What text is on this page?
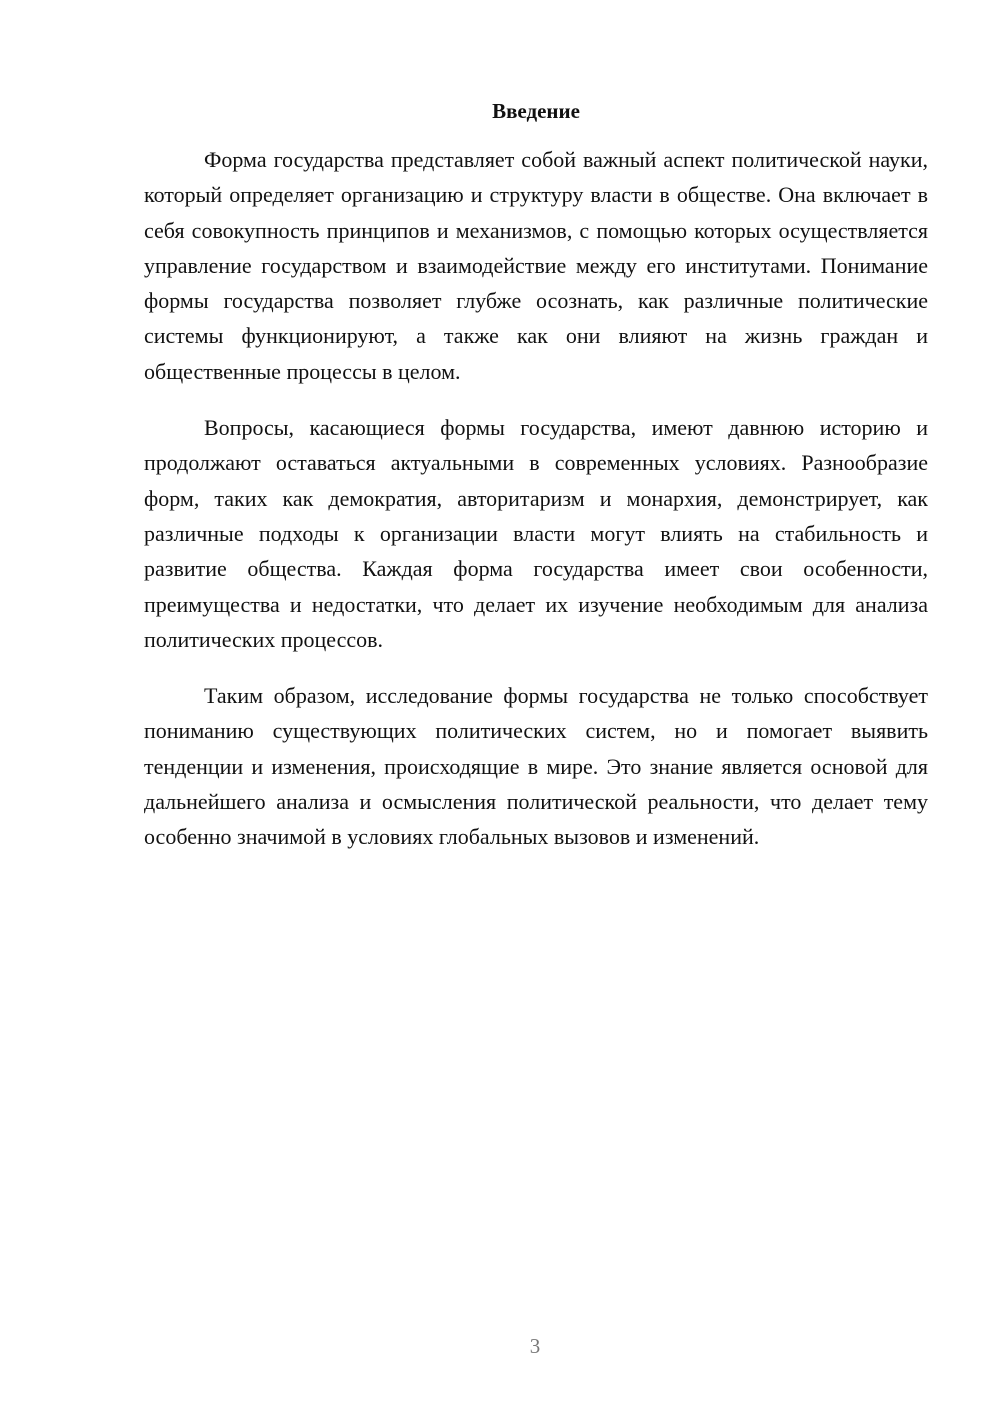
Введение

Форма государства представляет собой важный аспект политической науки, который определяет организацию и структуру власти в обществе. Она включает в себя совокупность принципов и механизмов, с помощью которых осуществляется управление государством и взаимодействие между его институтами. Понимание формы государства позволяет глубже осознать, как различные политические системы функционируют, а также как они влияют на жизнь граждан и общественные процессы в целом.

Вопросы, касающиеся формы государства, имеют давнюю историю и продолжают оставаться актуальными в современных условиях. Разнообразие форм, таких как демократия, авторитаризм и монархия, демонстрирует, как различные подходы к организации власти могут влиять на стабильность и развитие общества. Каждая форма государства имеет свои особенности, преимущества и недостатки, что делает их изучение необходимым для анализа политических процессов.

Таким образом, исследование формы государства не только способствует пониманию существующих политических систем, но и помогает выявить тенденции и изменения, происходящие в мире. Это знание является основой для дальнейшего анализа и осмысления политической реальности, что делает тему особенно значимой в условиях глобальных вызовов и изменений.

3
